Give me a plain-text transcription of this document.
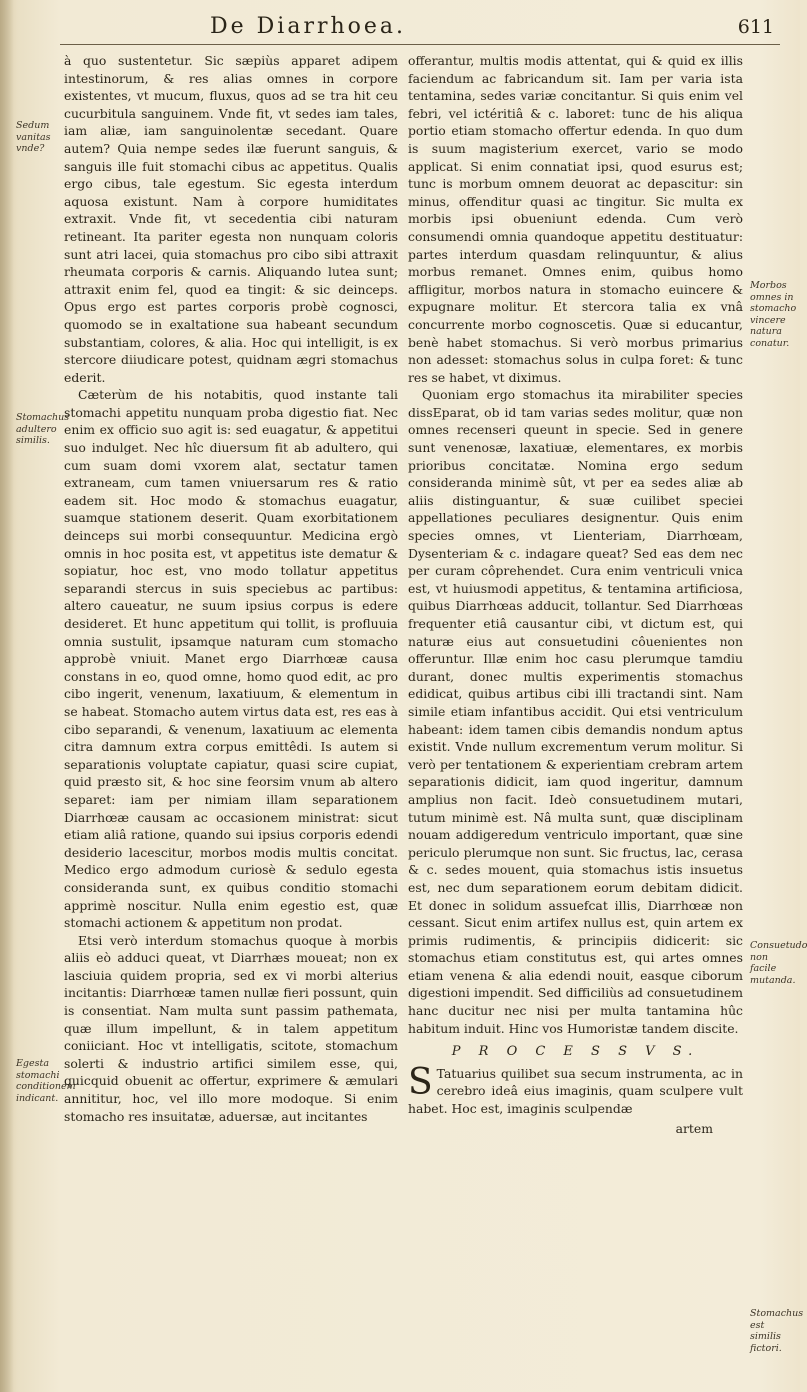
De Diarrhoea.	611
Sedum vanitas vnde?
Stomachus adultero similis.
Egesta stomachi conditionem indicant.
Morbos omnes in stomacho vincere natura conatur.
Consuetudo non facile mutanda.
Stomachus est similis fictori.

à quo sustentetur. Sic sæpiùs apparet adipem intestinorum, & res alias omnes in corpore existentes, vt mucum, fluxus, quos ad se tra hit ceu cucurbitula sanguinem. Vnde fit, vt sedes iam tales, iam aliæ, iam sanguinolentæ secedant. Quare autem? Quia nempe sedes ilæ fuerunt sanguis, & sanguis ille fuit stomachi cibus ac appetitus. Qualis ergo cibus, tale egestum. Sic egesta interdum aquosa existunt. Nam à corpore humiditates extraxit. Vnde fit, vt secedentia cibi naturam retineant. Ita pariter egesta non nunquam coloris sunt atri lacei, quia stomachus pro cibo sibi attraxit rheumata corporis & carnis. Aliquando lutea sunt; attraxit enim fel, quod ea tingit: & sic deinceps. Opus ergo est partes corporis probè cognosci, quomodo se in exaltatione sua habeant secundum substantiam, colores, & alia. Hoc qui intelligit, is ex stercore diiudicare potest, quidnam ægri stomachus ederit.

Cæterùm de his notabitis, quod instante tali stomachi appetitu nunquam proba digestio fiat. Nec enim ex officio suo agit is: sed euagatur, & appetitui suo indulget. Nec hîc diuersum fit ab adultero, qui cum suam domi vxorem alat, sectatur tamen extraneam, cum tamen vniuersarum res & ratio eadem sit. Hoc modo & stomachus euagatur, suamque stationem deserit. Quam exorbitationem deinceps sui morbi consequuntur. Medicina ergò omnis in hoc posita est, vt appetitus iste dematur & sopiatur, hoc est, vno modo tollatur appetitus separandi stercus in suis speciebus ac partibus: altero caueatur, ne suum ipsius corpus is edere desideret. Et hunc appetitum qui tollit, is profluuia omnia sustulit, ipsamque naturam cum stomacho approbè vniuit. Manet ergo Diarrhœæ causa constans in eo, quod omne, homo quod edit, ac pro cibo ingerit, venenum, laxatiuum, & elementum in se habeat. Stomacho autem virtus data est, res eas à cibo separandi, & venenum, laxatiuum ac elementa citra damnum extra corpus emittêdi. Is autem si separationis voluptate capiatur, quasi scire cupiat, quid præsto sit, & hoc sine feorsim vnum ab altero separet: iam per nimiam illam separationem Diarrhœæ causam ac occasionem ministrat: sicut etiam aliâ ratione, quando sui ipsius corporis edendi desiderio lacescitur, morbos modis multis concitat. Medico ergo admodum curiosè & sedulo egesta consideranda sunt, ex quibus conditio stomachi apprimè noscitur. Nulla enim egestio est, quæ stomachi actionem & appetitum non prodat.

Etsi verò interdum stomachus quoque à morbis aliis eò adduci queat, vt Diarrhæs moueat; non ex lasciuia quidem propria, sed ex vi morbi alterius incitantis: Diarrhœæ tamen nullæ fieri possunt, quin is consentiat. Nam multa sunt passim pathemata, quæ illum impellunt, & in talem appetitum coniiciant. Hoc vt intelligatis, scitote, stomachum solerti & industrio artifici similem esse, qui, quicquid obuenit ac offertur, exprimere & æmulari annititur, hoc, vel illo more modoque. Si enim stomacho res insuitatæ, aduersæ, aut incitantes

offerantur, multis modis attentat, qui & quid ex illis faciendum ac fabricandum sit. Iam per varia ista tentamina, sedes variæ concitantur. Si quis enim vel febri, vel ictéritiâ & c. laboret: tunc de his aliqua portio etiam stomacho offertur edenda. In quo dum is suum magisterium exercet, vario se modo applicat. Si enim connatiat ipsi, quod esurus est; tunc is morbum omnem deuorat ac depascitur: sin minus, offenditur quasi ac tingitur. Sic multa ex morbis ipsi obueniunt edenda. Cum verò consumendi omnia quandoque appetitu destituatur: partes interdum quasdam relinquuntur, & alius morbus remanet. Omnes enim, quibus homo affligitur, morbos natura in stomacho euincere & expugnare molitur. Et stercora talia ex vnâ concurrente morbo cognoscetis. Quæ si educantur, benè habet stomachus. Si verò morbus primarius non adesset: stomachus solus in culpa foret: & tunc res se habet, vt diximus.

Quoniam ergo stomachus ita mirabiliter species dissEparat, ob id tam varias sedes molitur, quæ non omnes recenseri queunt in specie. Sed in genere sunt venenosæ, laxatiuæ, elementares, ex morbis prioribus concitatæ. Nomina ergo sedum consideranda minimè sût, vt per ea sedes aliæ ab aliis distinguantur, & suæ cuilibet speciei appellationes peculiares designentur. Quis enim species omnes, vt Lienteriam, Diarrhœam, Dysenteriam & c. indagare queat? Sed eas dem nec per curam côprehendet. Cura enim ventriculi vnica est, vt huiusmodi appetitus, & tentamina artificiosa, quibus Diarrhœas adducit, tollantur. Sed Diarrhœas frequenter etiâ causantur cibi, vt dictum est, qui naturæ eius aut consuetudini côuenientes non offeruntur. Illæ enim hoc casu plerumque tamdiu durant, donec multis experimentis stomachus edidicat, quibus artibus cibi illi tractandi sint. Nam simile etiam infantibus accidit. Qui etsi ventriculum habeant: idem tamen cibis demandis nondum aptus existit. Vnde nullum excrementum verum molitur. Si verò per tentationem & experientiam crebram artem separationis didicit, iam quod ingeritur, damnum amplius non facit. Ideò consuetudinem mutari, tutum minimè est. Nâ multa sunt, quæ disciplinam nouam addigeredum ventriculo important, quæ sine periculo plerumque non sunt. Sic fructus, lac, cerasa & c. sedes mouent, quia stomachus istis insuetus est, nec dum separationem eorum debitam didicit. Et donec in solidum assuefcat illis, Diarrhœæ non cessant. Sicut enim artifex nullus est, quin artem ex primis rudimentis, & principiis didicerit: sic stomachus etiam constitutus est, qui artes omnes etiam venena & alia edendi nouit, easque ciborum digestioni impendit. Sed difficiliùs ad consuetudinem hanc ducitur nec nisi per multa tantamina hûc habitum induit. Hinc vos Humoristæ tandem discite.

P R O C E S S V S.

S Tatuarius quilibet sua secum instrumenta, ac in cerebro ideâ eius imaginis, quam sculpere vult habet. Hoc est, imaginis sculpendæ

artem
